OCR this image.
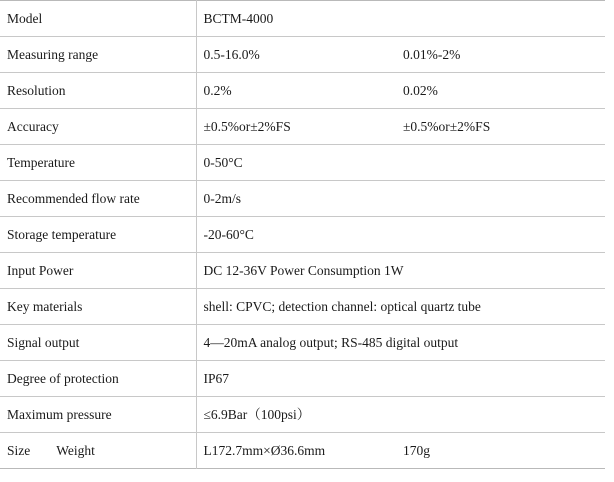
Model	BCTM-4000	
Measuring range	0.5-16.0%	0.01%-2%
Resolution	0.2%	0.02%
Accuracy	±0.5%or±2%FS	±0.5%or±2%FS
Temperature	0-50°C	
Recommended flow rate	0-2m/s	
Storage temperature	-20-60°C	
Input Power	DC 12-36V Power Consumption 1W	
Key materials	shell: CPVC; detection channel: optical quartz tube	
Signal output	4—20mA analog output; RS-485 digital output	
Degree of protection	IP67	
Maximum pressure	≤6.9Bar（100psi）	
Size Weight	L172.7mm×Ø36.6mm	170g
